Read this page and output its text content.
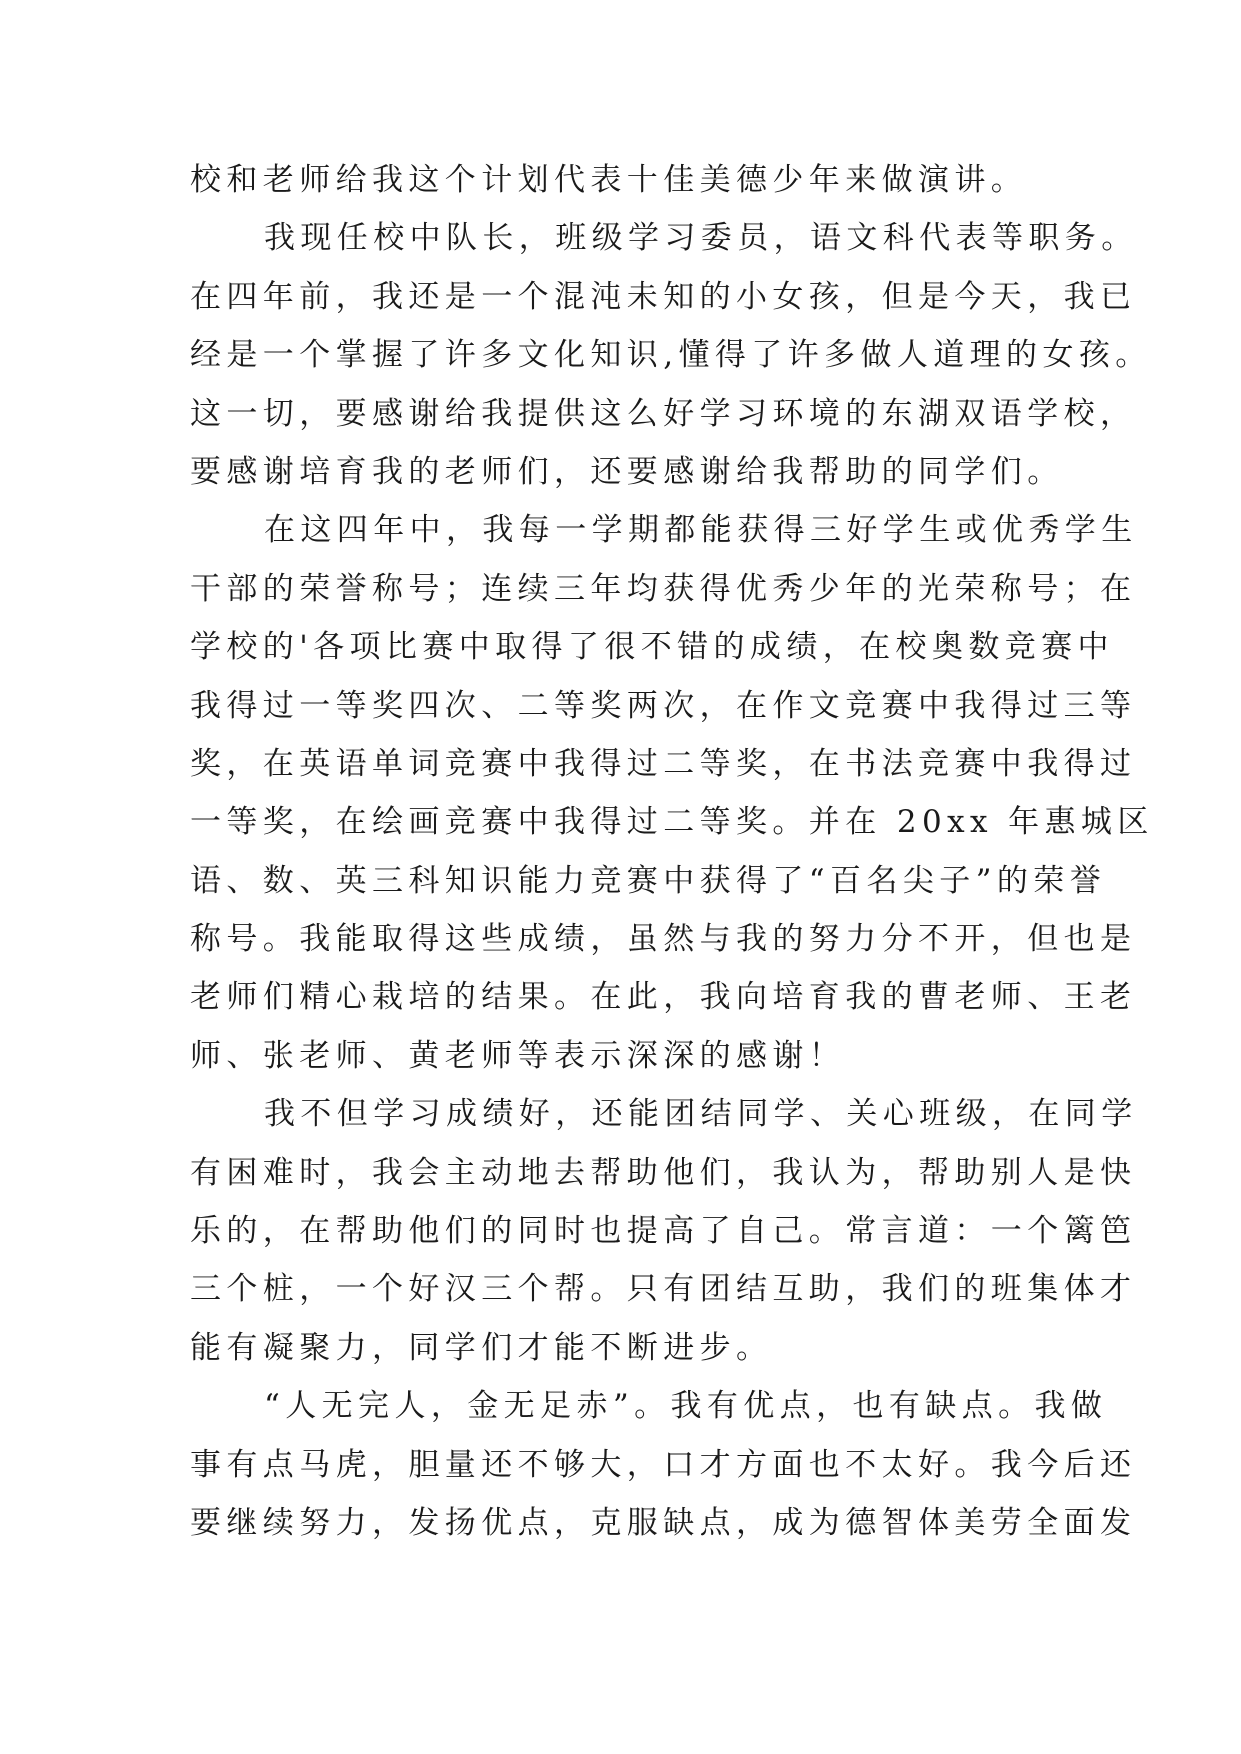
校和老师给我这个计划代表十佳美德少年来做演讲。
我现任校中队长，班级学习委员，语文科代表等职务。
在四年前，我还是一个混沌未知的小女孩，但是今天，我已
经是一个掌握了许多文化知识,懂得了许多做人道理的女孩。
这一切，要感谢给我提供这么好学习环境的东湖双语学校，
要感谢培育我的老师们，还要感谢给我帮助的同学们。
在这四年中，我每一学期都能获得三好学生或优秀学生
干部的荣誉称号；连续三年均获得优秀少年的光荣称号；在
学校的'各项比赛中取得了很不错的成绩，在校奥数竞赛中
我得过一等奖四次、二等奖两次，在作文竞赛中我得过三等
奖，在英语单词竞赛中我得过二等奖，在书法竞赛中我得过
一等奖，在绘画竞赛中我得过二等奖。并在 20xx 年惠城区
语、数、英三科知识能力竞赛中获得了“百名尖子”的荣誉
称号。我能取得这些成绩，虽然与我的努力分不开，但也是
老师们精心栽培的结果。在此，我向培育我的曹老师、王老
师、张老师、黄老师等表示深深的感谢！
我不但学习成绩好，还能团结同学、关心班级，在同学
有困难时，我会主动地去帮助他们，我认为，帮助别人是快
乐的，在帮助他们的同时也提高了自己。常言道：一个篱笆
三个桩，一个好汉三个帮。只有团结互助，我们的班集体才
能有凝聚力，同学们才能不断进步。
“人无完人，金无足赤”。我有优点，也有缺点。我做
事有点马虎，胆量还不够大，口才方面也不太好。我今后还
要继续努力，发扬优点，克服缺点，成为德智体美劳全面发
